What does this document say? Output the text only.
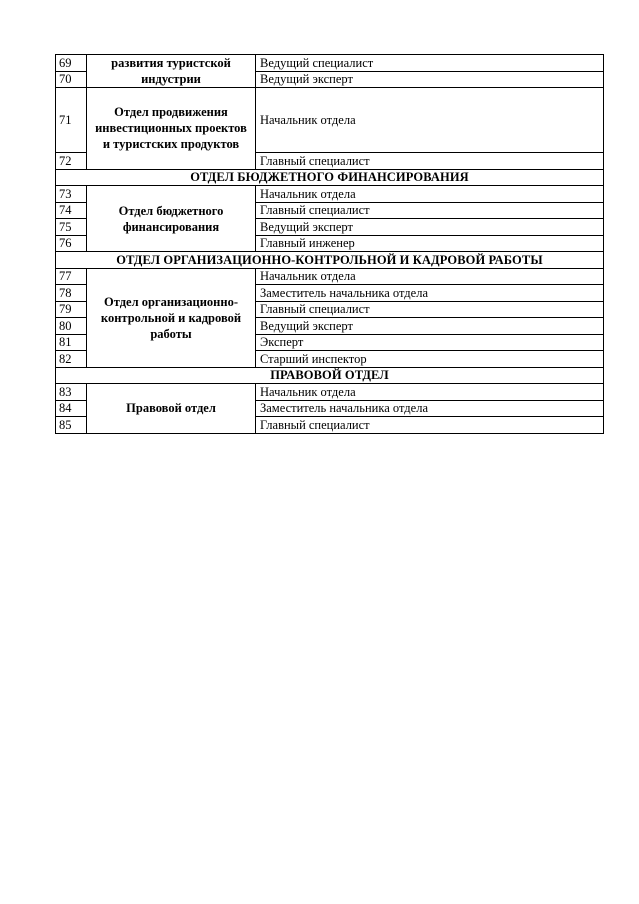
69	развития туристской индустрии	Ведущий специалист
70		Ведущий эксперт
71	Отдел продвижения инвестиционных проектов и туристских продуктов	Начальник отдела
72		Главный специалист
ОТДЕЛ БЮДЖЕТНОГО ФИНАНСИРОВАНИЯ		
73	Отдел бюджетного финансирования	Начальник отдела
74		Главный специалист
75		Ведущий эксперт
76		Главный инженер
ОТДЕЛ ОРГАНИЗАЦИОННО-КОНТРОЛЬНОЙ И КАДРОВОЙ РАБОТЫ		
77	Отдел организационно-контрольной и кадровой работы	Начальник отдела
78		Заместитель начальника отдела
79		Главный специалист
80		Ведущий эксперт
81		Эксперт
82		Старший инспектор
ПРАВОВОЙ ОТДЕЛ		
83	Правовой отдел	Начальник отдела
84		Заместитель начальника отдела
85		Главный специалист
